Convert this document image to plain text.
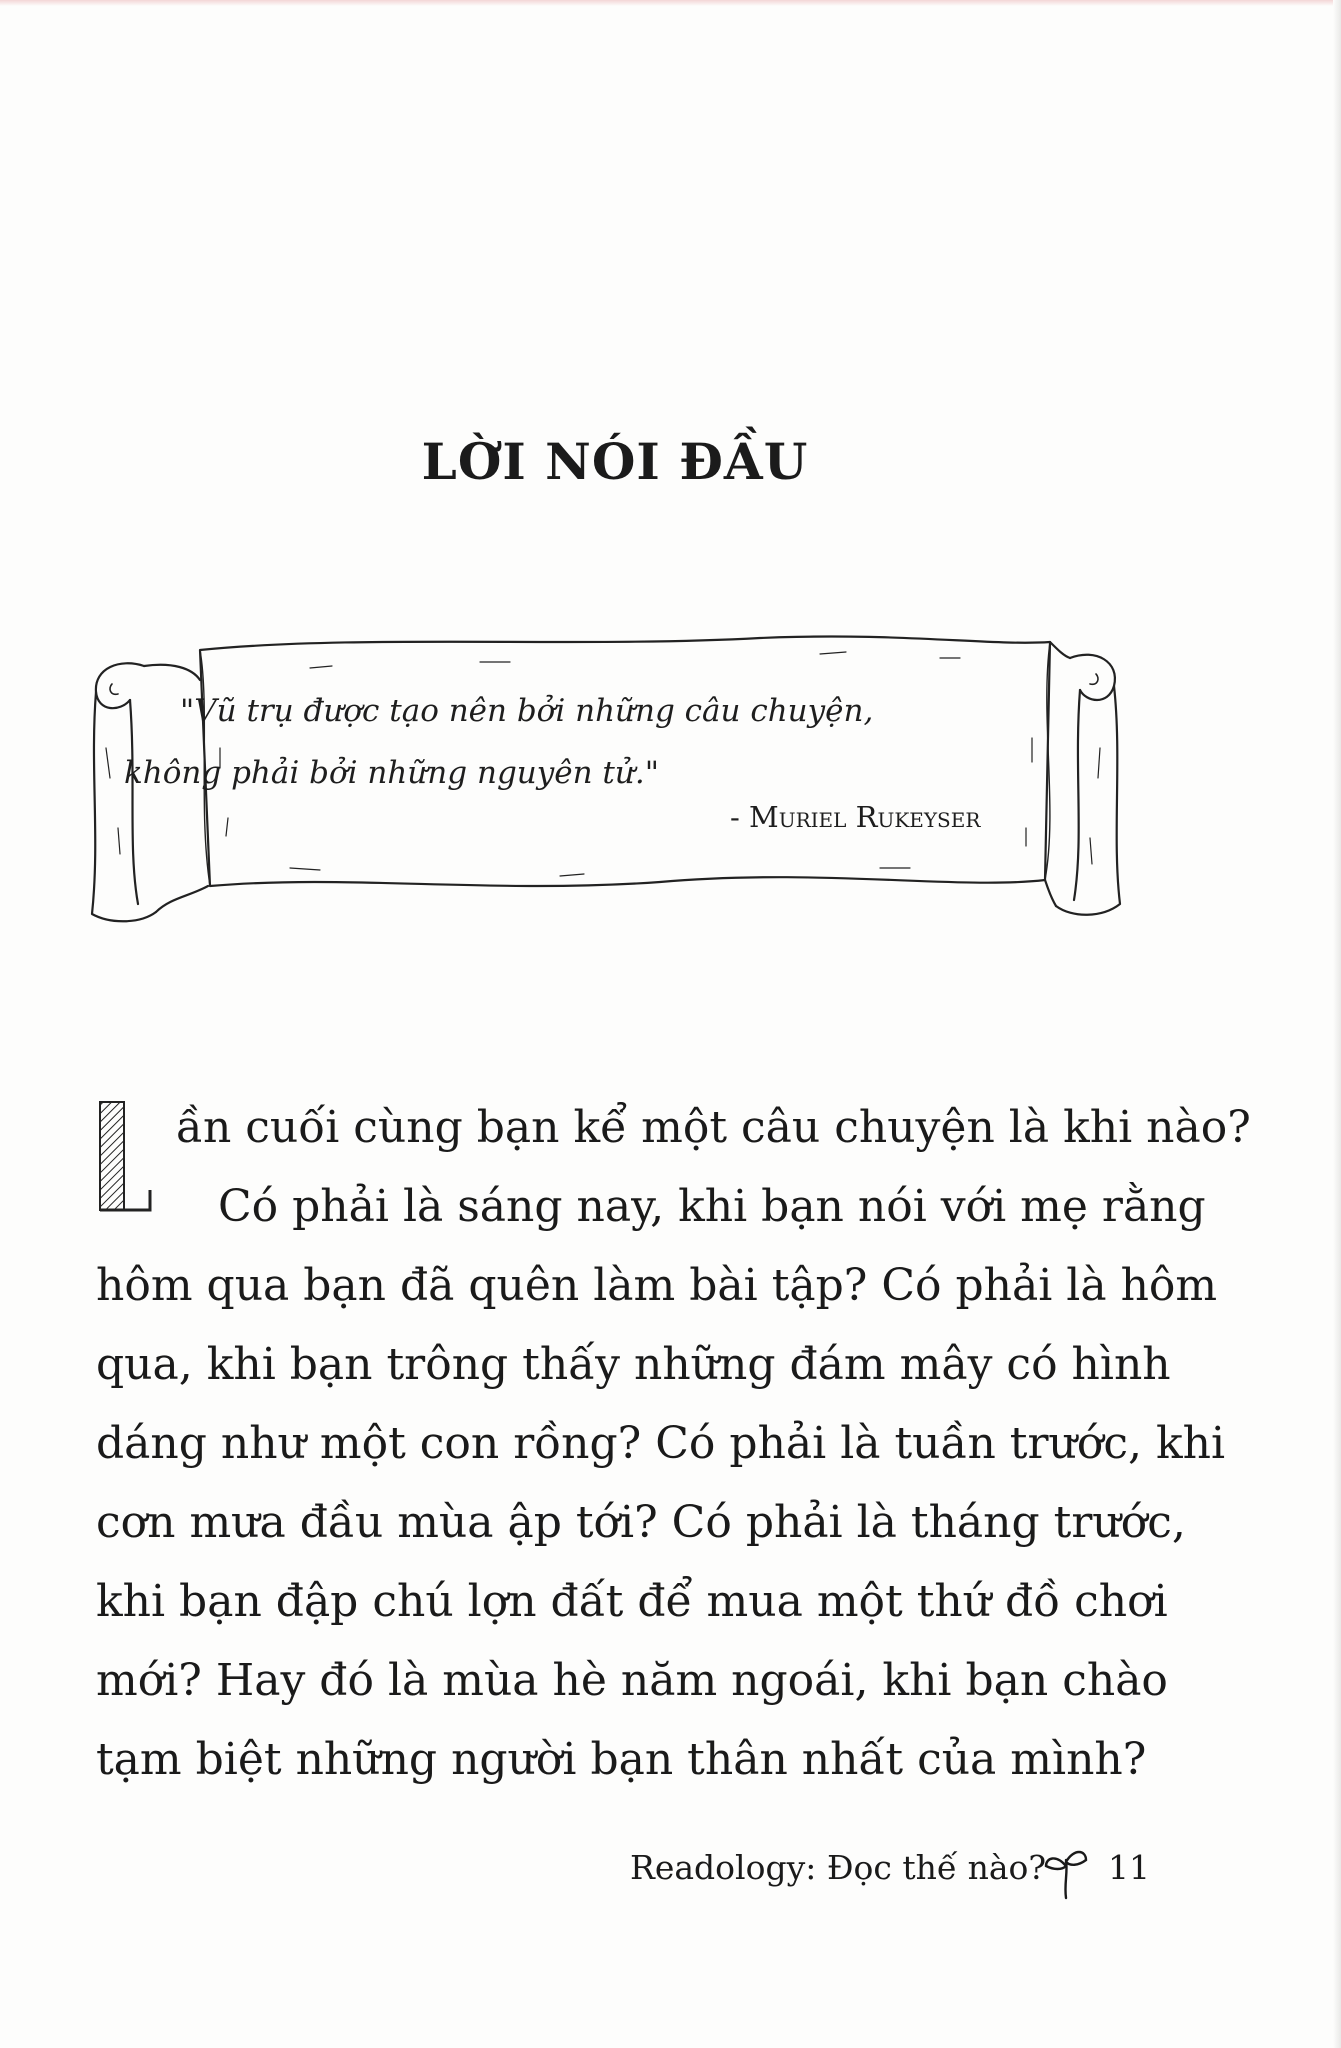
LỜI NÓI ĐẦU
"Vũ trụ được tạo nên bởi những câu chuyện,
không phải bởi những nguyên tử."
- Muriel Rukeyser
ần cuối cùng bạn kể một câu chuyện là khi nào?
Có phải là sáng nay, khi bạn nói với mẹ rằng
hôm qua bạn đã quên làm bài tập? Có phải là hôm
qua, khi bạn trông thấy những đám mây có hình
dáng như một con rồng? Có phải là tuần trước, khi
cơn mưa đầu mùa ập tới? Có phải là tháng trước,
khi bạn đập chú lợn đất để mua một thứ đồ chơi
mới? Hay đó là mùa hè năm ngoái, khi bạn chào
tạm biệt những người bạn thân nhất của mình?
Readology: Đọc thế nào? 11
